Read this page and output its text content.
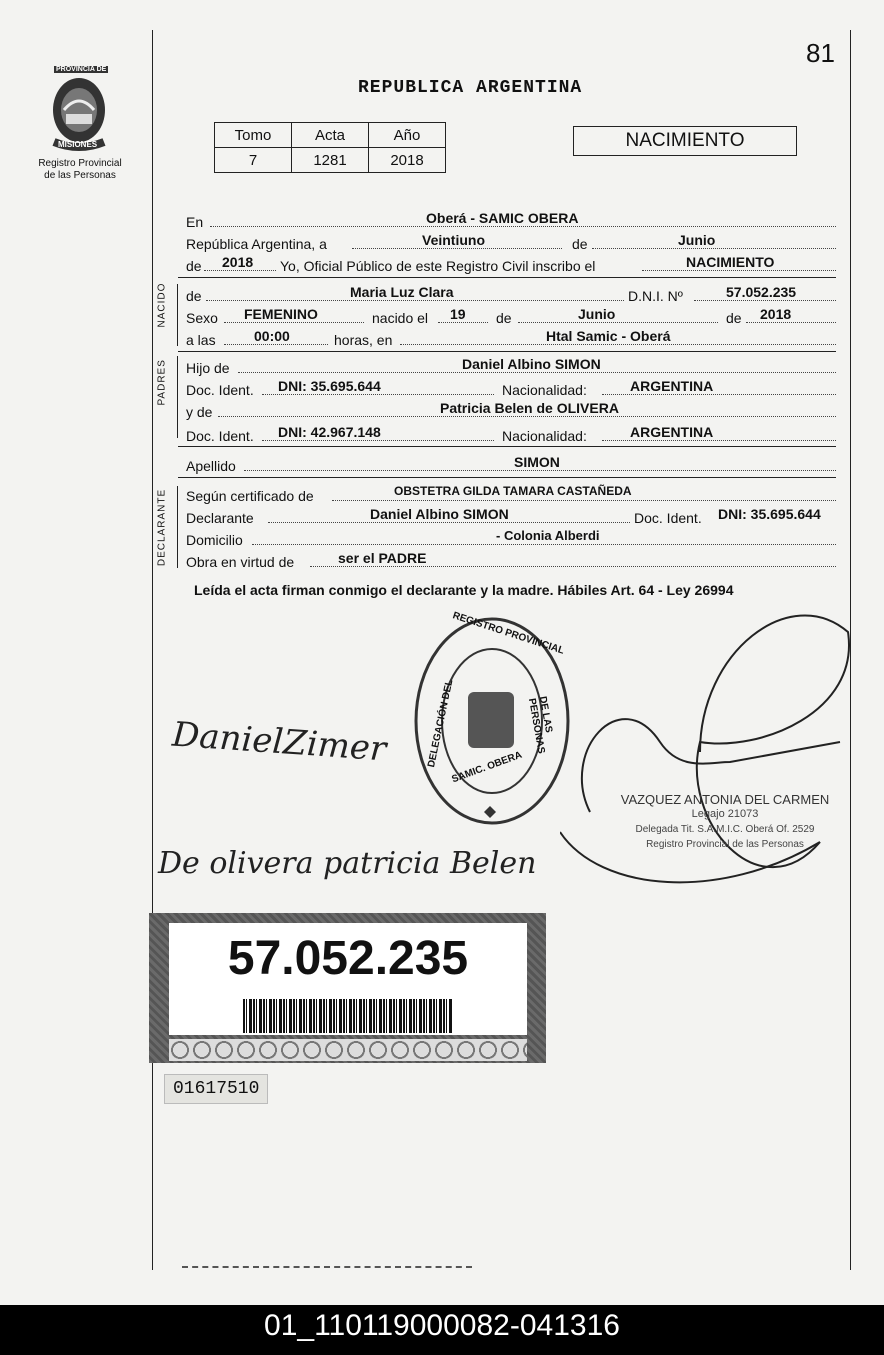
81
PROVINCIA DE
MISIONES
Registro Provincial
de las Personas
REPUBLICA ARGENTINA
Tomo	Acta	Año
7	1281	2018
NACIMIENTO
En	Oberá - SAMIC OBERA
República Argentina, a	Veintiuno	de	Junio
de 2018 Yo, Oficial Público de este Registro Civil inscribo el	NACIMIENTO
NACIDO de	Maria Luz Clara	D.N.I. Nº	57.052.235
Sexo FEMENINO	nacido el 19 de	Junio	de 2018
a las	00:00	horas, en	Htal Samic - Oberá
PADRES Hijo de	Daniel Albino SIMON
Doc. Ident. DNI: 35.695.644	Nacionalidad:	ARGENTINA
y de	Patricia Belen de OLIVERA
Doc. Ident. DNI: 42.967.148	Nacionalidad:	ARGENTINA
Apellido	SIMON
DECLARANTE Según certificado de	OBSTETRA GILDA TAMARA CASTAÑEDA
Declarante	Daniel Albino SIMON	Doc. Ident. DNI: 35.695.644
Domicilio	- Colonia Alberdi
Obra en virtud de	ser el PADRE
Leída el acta firman conmigo el declarante y la madre. Hábiles Art. 64 - Ley 26994
REGISTRO PROVINCIAL
DELEGACIÓN DEL	DE LAS PERSONAS
SAMIC. OBERA
DanielZimer
De olivera patricia Belen
VAZQUEZ ANTONIA DEL CARMEN
Legajo 21073
Delegada Tit. S.A.M.I.C. Oberá Of. 2529
Registro Provincial de las Personas
57.052.235
01617510
01_110119000082-041316
